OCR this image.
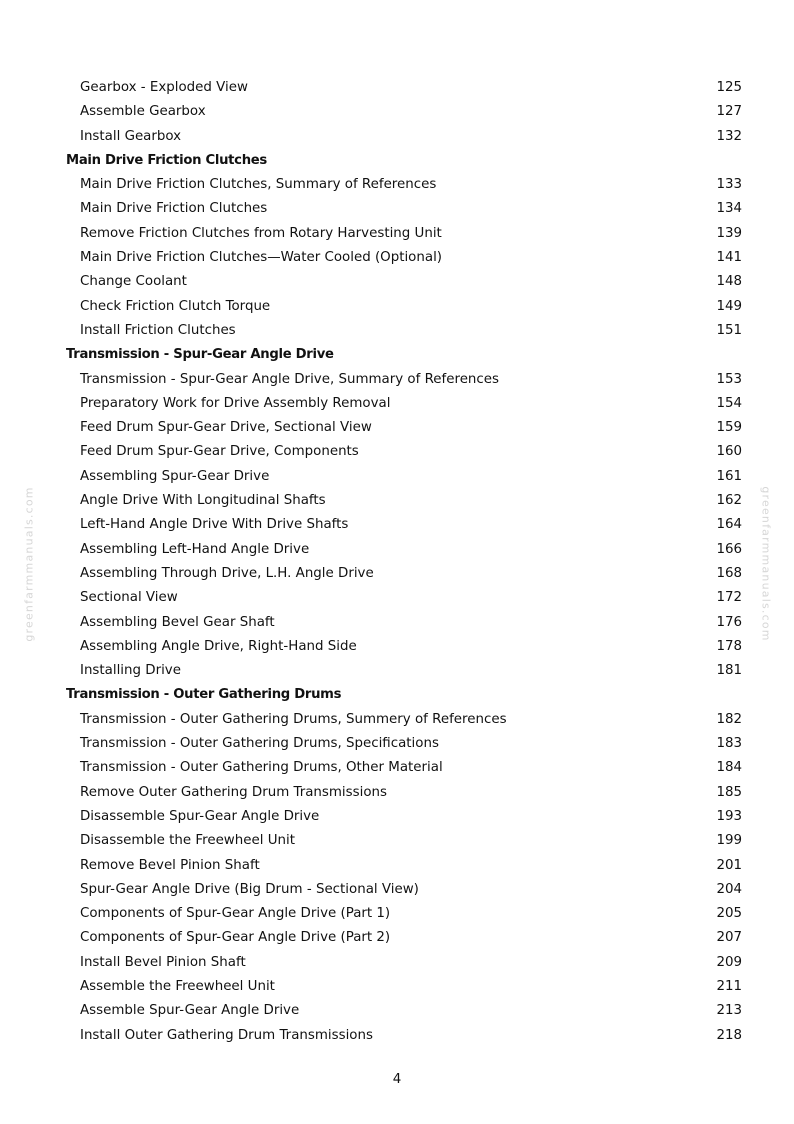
greenfarmmanuals.com	greenfarmmanuals.com
Gearbox - Exploded View	125
Assemble Gearbox	127
Install Gearbox	132
Main Drive Friction Clutches
Main Drive Friction Clutches, Summary of References	133
Main Drive Friction Clutches	134
Remove Friction Clutches from Rotary Harvesting Unit	139
Main Drive Friction Clutches—Water Cooled (Optional)	141
Change Coolant	148
Check Friction Clutch Torque	149
Install Friction Clutches	151
Transmission - Spur-Gear Angle Drive
Transmission - Spur-Gear Angle Drive, Summary of References	153
Preparatory Work for Drive Assembly Removal	154
Feed Drum Spur-Gear Drive, Sectional View	159
Feed Drum Spur-Gear Drive, Components	160
Assembling Spur-Gear Drive	161
Angle Drive With Longitudinal Shafts	162
Left-Hand Angle Drive With Drive Shafts	164
Assembling Left-Hand Angle Drive	166
Assembling Through Drive, L.H. Angle Drive	168
Sectional View	172
Assembling Bevel Gear Shaft	176
Assembling Angle Drive, Right-Hand Side	178
Installing Drive	181
Transmission - Outer Gathering Drums
Transmission - Outer Gathering Drums, Summery of References	182
Transmission - Outer Gathering Drums, Specifications	183
Transmission - Outer Gathering Drums, Other Material	184
Remove Outer Gathering Drum Transmissions	185
Disassemble Spur-Gear Angle Drive	193
Disassemble the Freewheel Unit	199
Remove Bevel Pinion Shaft	201
Spur-Gear Angle Drive (Big Drum - Sectional View)	204
Components of Spur-Gear Angle Drive (Part 1)	205
Components of Spur-Gear Angle Drive (Part 2)	207
Install Bevel Pinion Shaft	209
Assemble the Freewheel Unit	211
Assemble Spur-Gear Angle Drive	213
Install Outer Gathering Drum Transmissions	218
4
